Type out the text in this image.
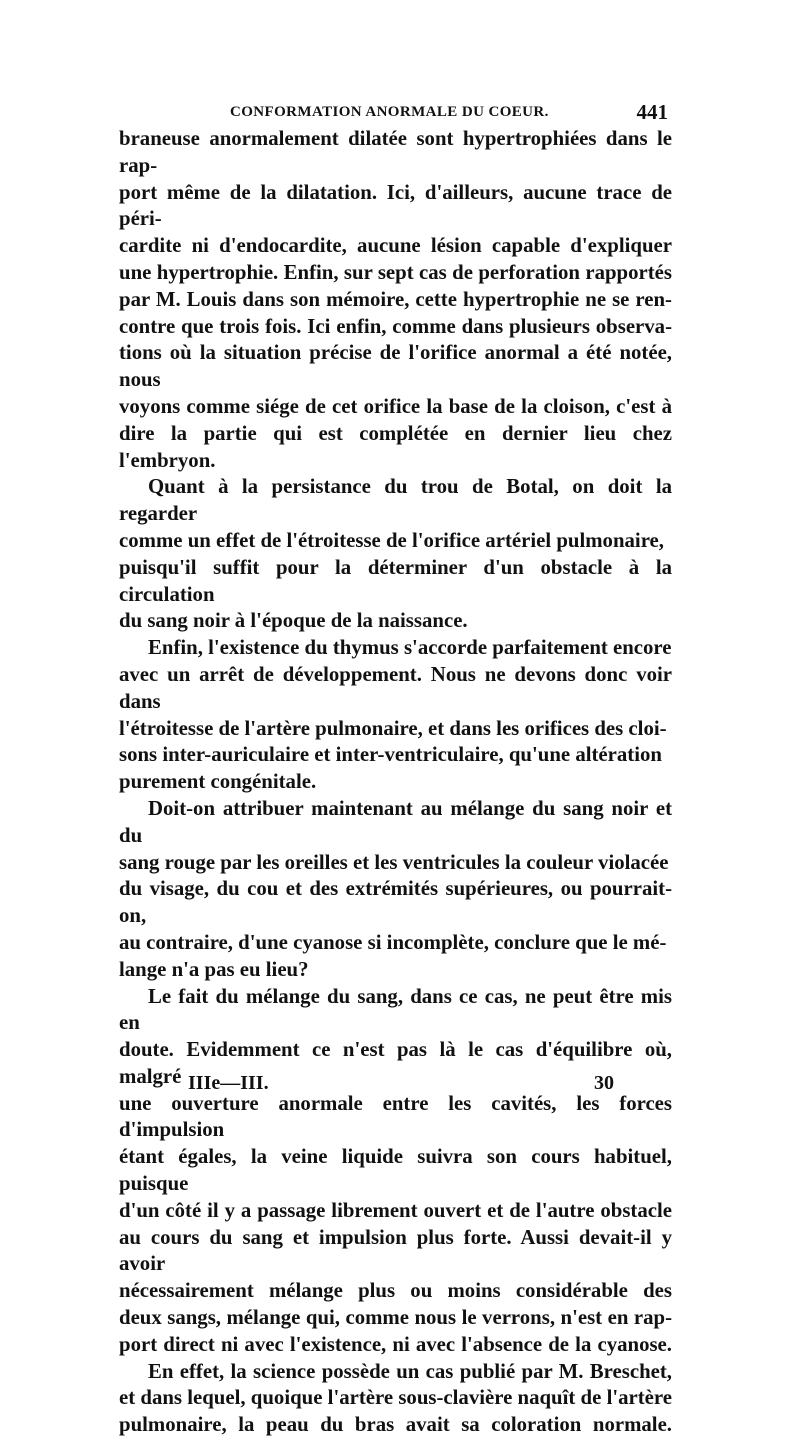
CONFORMATION ANORMALE DU COEUR.	441

braneuse anormalement dilatée sont hypertrophiées dans le rap-
port même de la dilatation. Ici, d'ailleurs, aucune trace de péri-
cardite ni d'endocardite, aucune lésion capable d'expliquer
une hypertrophie. Enfin, sur sept cas de perforation rapportés
par M. Louis dans son mémoire, cette hypertrophie ne se ren-
contre que trois fois. Ici enfin, comme dans plusieurs observa-
tions où la situation précise de l'orifice anormal a été notée, nous
voyons comme siége de cet orifice la base de la cloison, c'est à
dire la partie qui est complétée en dernier lieu chez l'embryon.

Quant à la persistance du trou de Botal, on doit la regarder
comme un effet de l'étroitesse de l'orifice artériel pulmonaire,
puisqu'il suffit pour la déterminer d'un obstacle à la circulation
du sang noir à l'époque de la naissance.

Enfin, l'existence du thymus s'accorde parfaitement encore
avec un arrêt de développement. Nous ne devons donc voir dans
l'étroitesse de l'artère pulmonaire, et dans les orifices des cloi-
sons inter-auriculaire et inter-ventriculaire, qu'une altération
purement congénitale.

Doit-on attribuer maintenant au mélange du sang noir et du
sang rouge par les oreilles et les ventricules la couleur violacée
du visage, du cou et des extrémités supérieures, ou pourrait-on,
au contraire, d'une cyanose si incomplète, conclure que le mé-
lange n'a pas eu lieu?

Le fait du mélange du sang, dans ce cas, ne peut être mis en
doute. Evidemment ce n'est pas là le cas d'équilibre où, malgré
une ouverture anormale entre les cavités, les forces d'impulsion
étant égales, la veine liquide suivra son cours habituel, puisque
d'un côté il y a passage librement ouvert et de l'autre obstacle
au cours du sang et impulsion plus forte. Aussi devait-il y avoir
nécessairement mélange plus ou moins considérable des
deux sangs, mélange qui, comme nous le verrons, n'est en rap-
port direct ni avec l'existence, ni avec l'absence de la cyanose.

En effet, la science possède un cas publié par M. Breschet,
et dans lequel, quoique l'artère sous-clavière naquît de l'artère
pulmonaire, la peau du bras avait sa coloration normale.

IIIe—III.	30
